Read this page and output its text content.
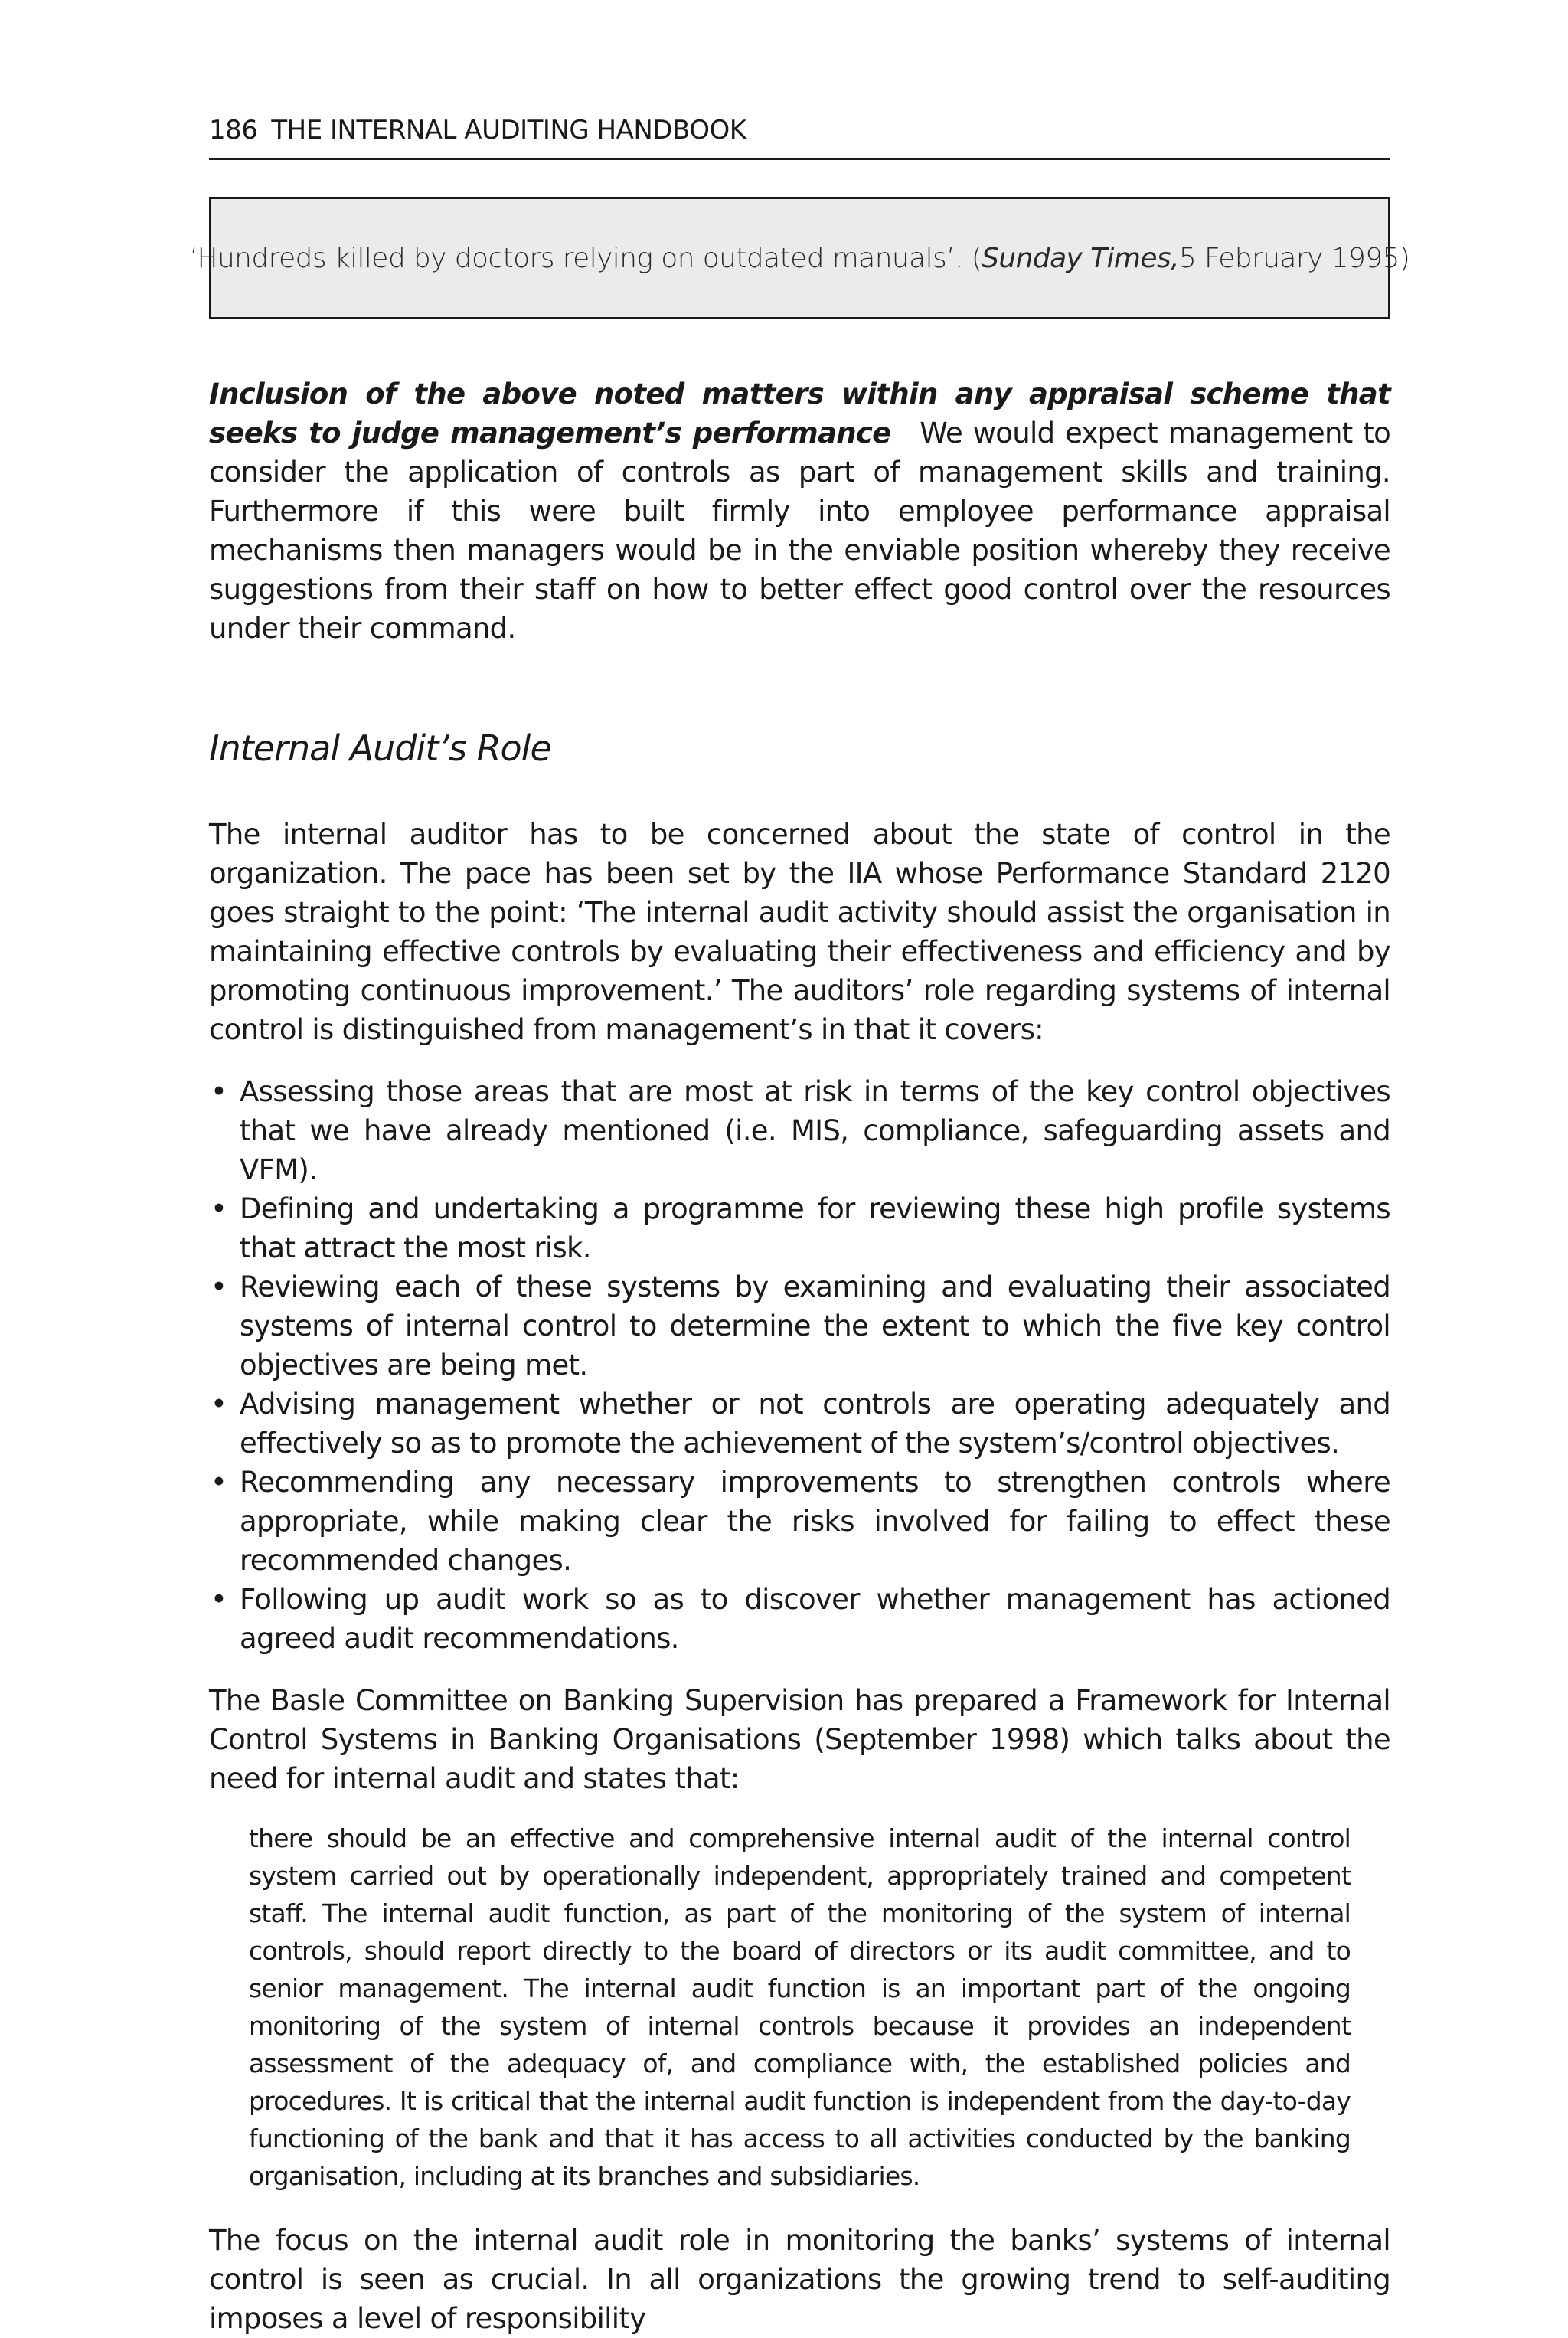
186 THE INTERNAL AUDITING HANDBOOK
‘Hundreds killed by doctors relying on outdated manuals’. ( Sunday Times, 5 February 1995)

Inclusion of the above noted matters within any appraisal scheme that seeks to judge management’s performance We would expect management to consider the application of controls as part of management skills and training. Furthermore if this were built firmly into employee performance appraisal mechanisms then managers would be in the enviable position whereby they receive suggestions from their staff on how to better effect good control over the resources under their command.

Internal Audit’s Role

The internal auditor has to be concerned about the state of control in the organization. The pace has been set by the IIA whose Performance Standard 2120 goes straight to the point: ‘The internal audit activity should assist the organisation in maintaining effective controls by evaluating their effectiveness and efficiency and by promoting continuous improvement.’ The auditors’ role regarding systems of internal control is distinguished from management’s in that it covers:

• Assessing those areas that are most at risk in terms of the key control objectives that we have already mentioned (i.e. MIS, compliance, safeguarding assets and VFM).
• Defining and undertaking a programme for reviewing these high profile systems that attract the most risk.
• Reviewing each of these systems by examining and evaluating their associated systems of internal control to determine the extent to which the five key control objectives are being met.
• Advising management whether or not controls are operating adequately and effectively so as to promote the achievement of the system’s/control objectives.
• Recommending any necessary improvements to strengthen controls where appropriate, while making clear the risks involved for failing to effect these recommended changes.
• Following up audit work so as to discover whether management has actioned agreed audit recommendations.

The Basle Committee on Banking Supervision has prepared a Framework for Internal Control Systems in Banking Organisations (September 1998) which talks about the need for internal audit and states that:

there should be an effective and comprehensive internal audit of the internal control system carried out by operationally independent, appropriately trained and competent staff. The internal audit function, as part of the monitoring of the system of internal controls, should report directly to the board of directors or its audit committee, and to senior management. The internal audit function is an important part of the ongoing monitoring of the system of internal controls because it provides an independent assessment of the adequacy of, and compliance with, the established policies and procedures. It is critical that the internal audit function is independent from the day-to-day functioning of the bank and that it has access to all activities conducted by the banking organisation, including at its branches and subsidiaries.

The focus on the internal audit role in monitoring the banks’ systems of internal control is seen as crucial. In all organizations the growing trend to self-auditing imposes a level of responsibility
